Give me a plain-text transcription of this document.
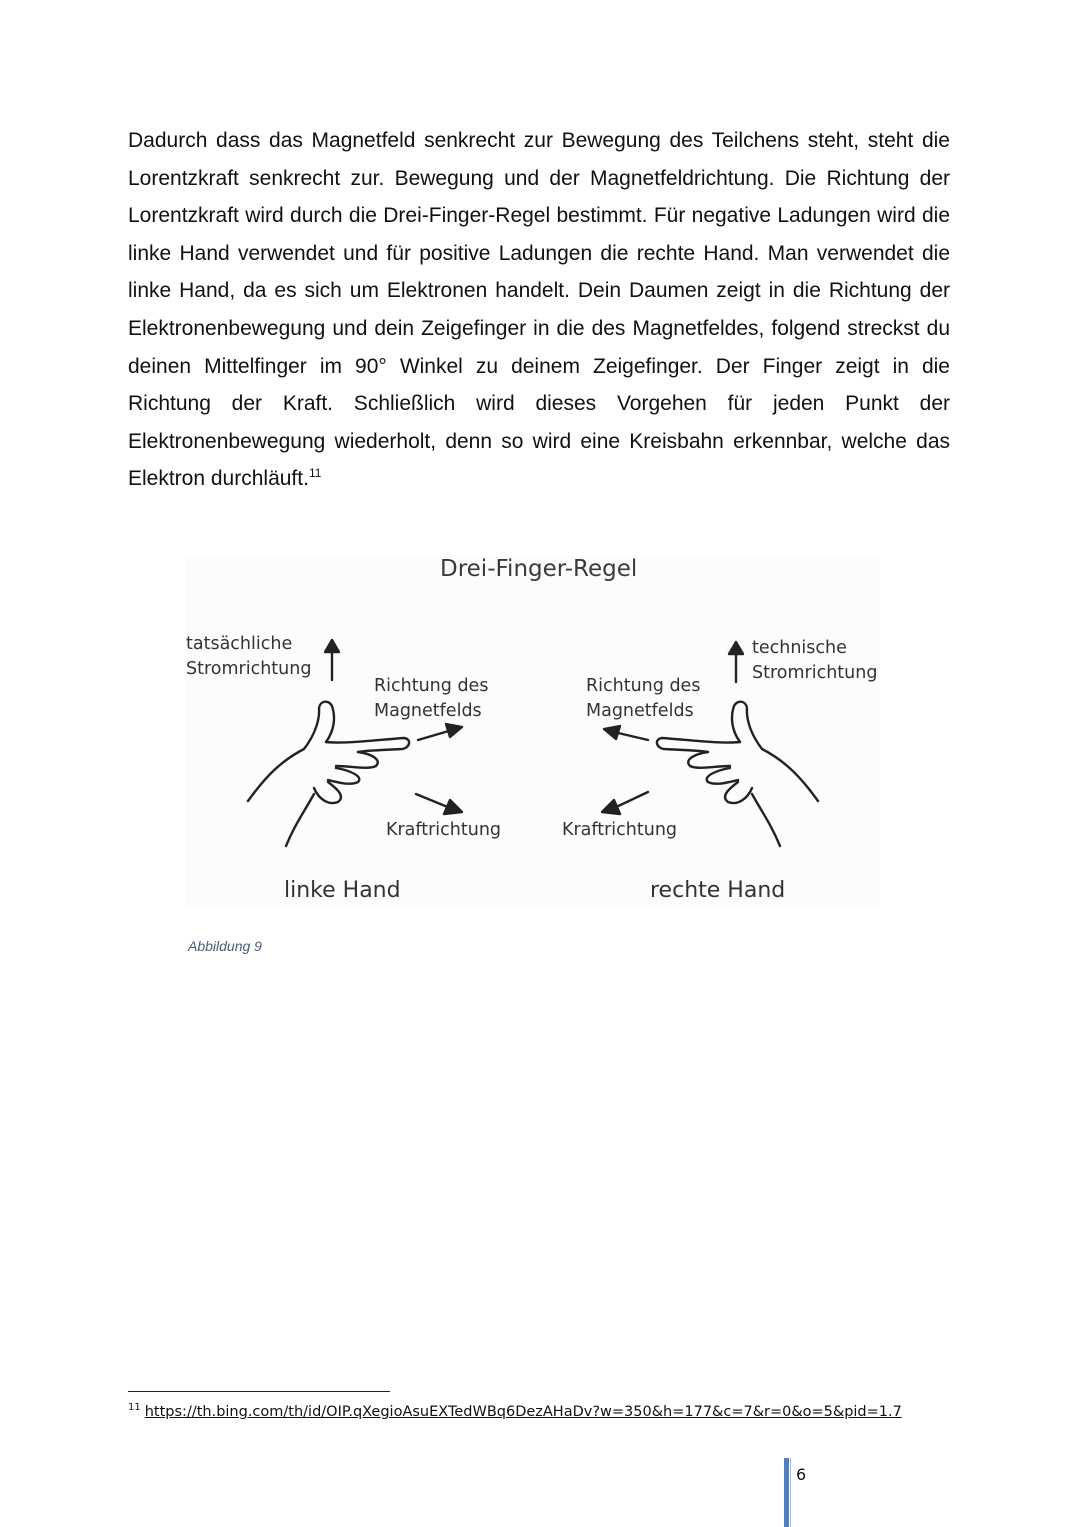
Dadurch dass das Magnetfeld senkrecht zur Bewegung des Teilchens steht, steht die Lorentzkraft senkrecht zur. Bewegung und der Magnetfeldrichtung. Die Richtung der Lorentzkraft wird durch die Drei-Finger-Regel bestimmt. Für negative Ladungen wird die linke Hand verwendet und für positive Ladungen die rechte Hand. Man verwendet die linke Hand, da es sich um Elektronen handelt. Dein Daumen zeigt in die Richtung der Elektronenbewegung und dein Zeigefinger in die des Magnetfeldes, folgend streckst du deinen Mittelfinger im 90° Winkel zu deinem Zeigefinger. Der Finger zeigt in die Richtung der Kraft. Schließlich wird dieses Vorgehen für jeden Punkt der Elektronenbewegung wiederholt, denn so wird eine Kreisbahn erkennbar, welche das Elektron durchläuft.$^{11}$

Drei-Finger-Regel
tatsächliche
Stromrichtung
Richtung des
Magnetfelds
Kraftrichtung
linke Hand
technische
Stromrichtung
Richtung des
Magnetfelds
Kraftrichtung
rechte Hand
Abbildung 9
$^{11}$ https://th.bing.com/th/id/OIP.qXegioAsuEXTedWBq6DezAHaDv?w=350&h=177&c=7&r=0&o=5&pid=1.7
6
